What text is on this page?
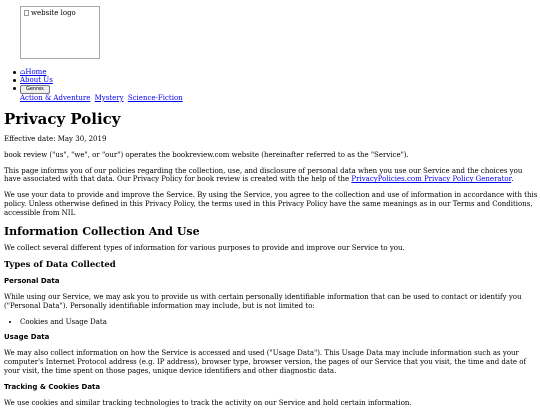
website logo
⌂Home
About Us
Genres
Action & Adventure Mystery Science-Fiction
Privacy Policy

Effective date: May 30, 2019

book review ("us", "we", or "our") operates the bookreview.com website (hereinafter referred to as the "Service").

This page informs you of our policies regarding the collection, use, and disclosure of personal data when you use our Service and the choices you have associated with that data. Our Privacy Policy for book review is created with the help of the PrivacyPolicies.com Privacy Policy Generator.

We use your data to provide and improve the Service. By using the Service, you agree to the collection and use of information in accordance with this policy. Unless otherwise defined in this Privacy Policy, the terms used in this Privacy Policy have the same meanings as in our Terms and Conditions, accessible from NIL

Information Collection And Use

We collect several different types of information for various purposes to provide and improve our Service to you.

Types of Data Collected
Personal Data

While using our Service, we may ask you to provide us with certain personally identifiable information that can be used to contact or identify you ("Personal Data"). Personally identifiable information may include, but is not limited to:

• Cookies and Usage Data
Usage Data

We may also collect information on how the Service is accessed and used ("Usage Data"). This Usage Data may include information such as your computer's Internet Protocol address (e.g. IP address), browser type, browser version, the pages of our Service that you visit, the time and date of your visit, the time spent on those pages, unique device identifiers and other diagnostic data.

Tracking & Cookies Data

We use cookies and similar tracking technologies to track the activity on our Service and hold certain information.
